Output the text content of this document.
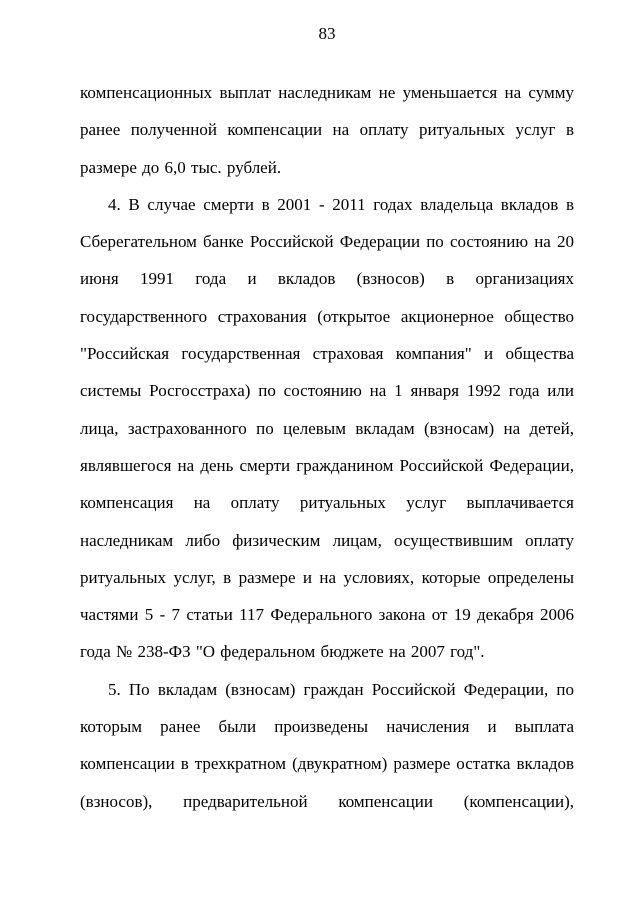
83

компенсационных выплат наследникам не уменьшается на сумму ранее полученной компенсации на оплату ритуальных услуг в размере до 6,0 тыс. рублей.

4. В случае смерти в 2001 - 2011 годах владельца вкладов в Сберегательном банке Российской Федерации по состоянию на 20 июня 1991 года и вкладов (взносов) в организациях государственного страхования (открытое акционерное общество "Российская государственная страховая компания" и общества системы Росгосстраха) по состоянию на 1 января 1992 года или лица, застрахованного по целевым вкладам (взносам) на детей, являвшегося на день смерти гражданином Российской Федерации, компенсация на оплату ритуальных услуг выплачивается наследникам либо физическим лицам, осуществившим оплату ритуальных услуг, в размере и на условиях, которые определены частями 5 - 7 статьи 117 Федерального закона от 19 декабря 2006 года № 238-ФЗ "О федеральном бюджете на 2007 год".

5. По вкладам (взносам) граждан Российской Федерации, по которым ранее были произведены начисления и выплата компенсации в трехкратном (двукратном) размере остатка вкладов (взносов), предварительной компенсации (компенсации),
